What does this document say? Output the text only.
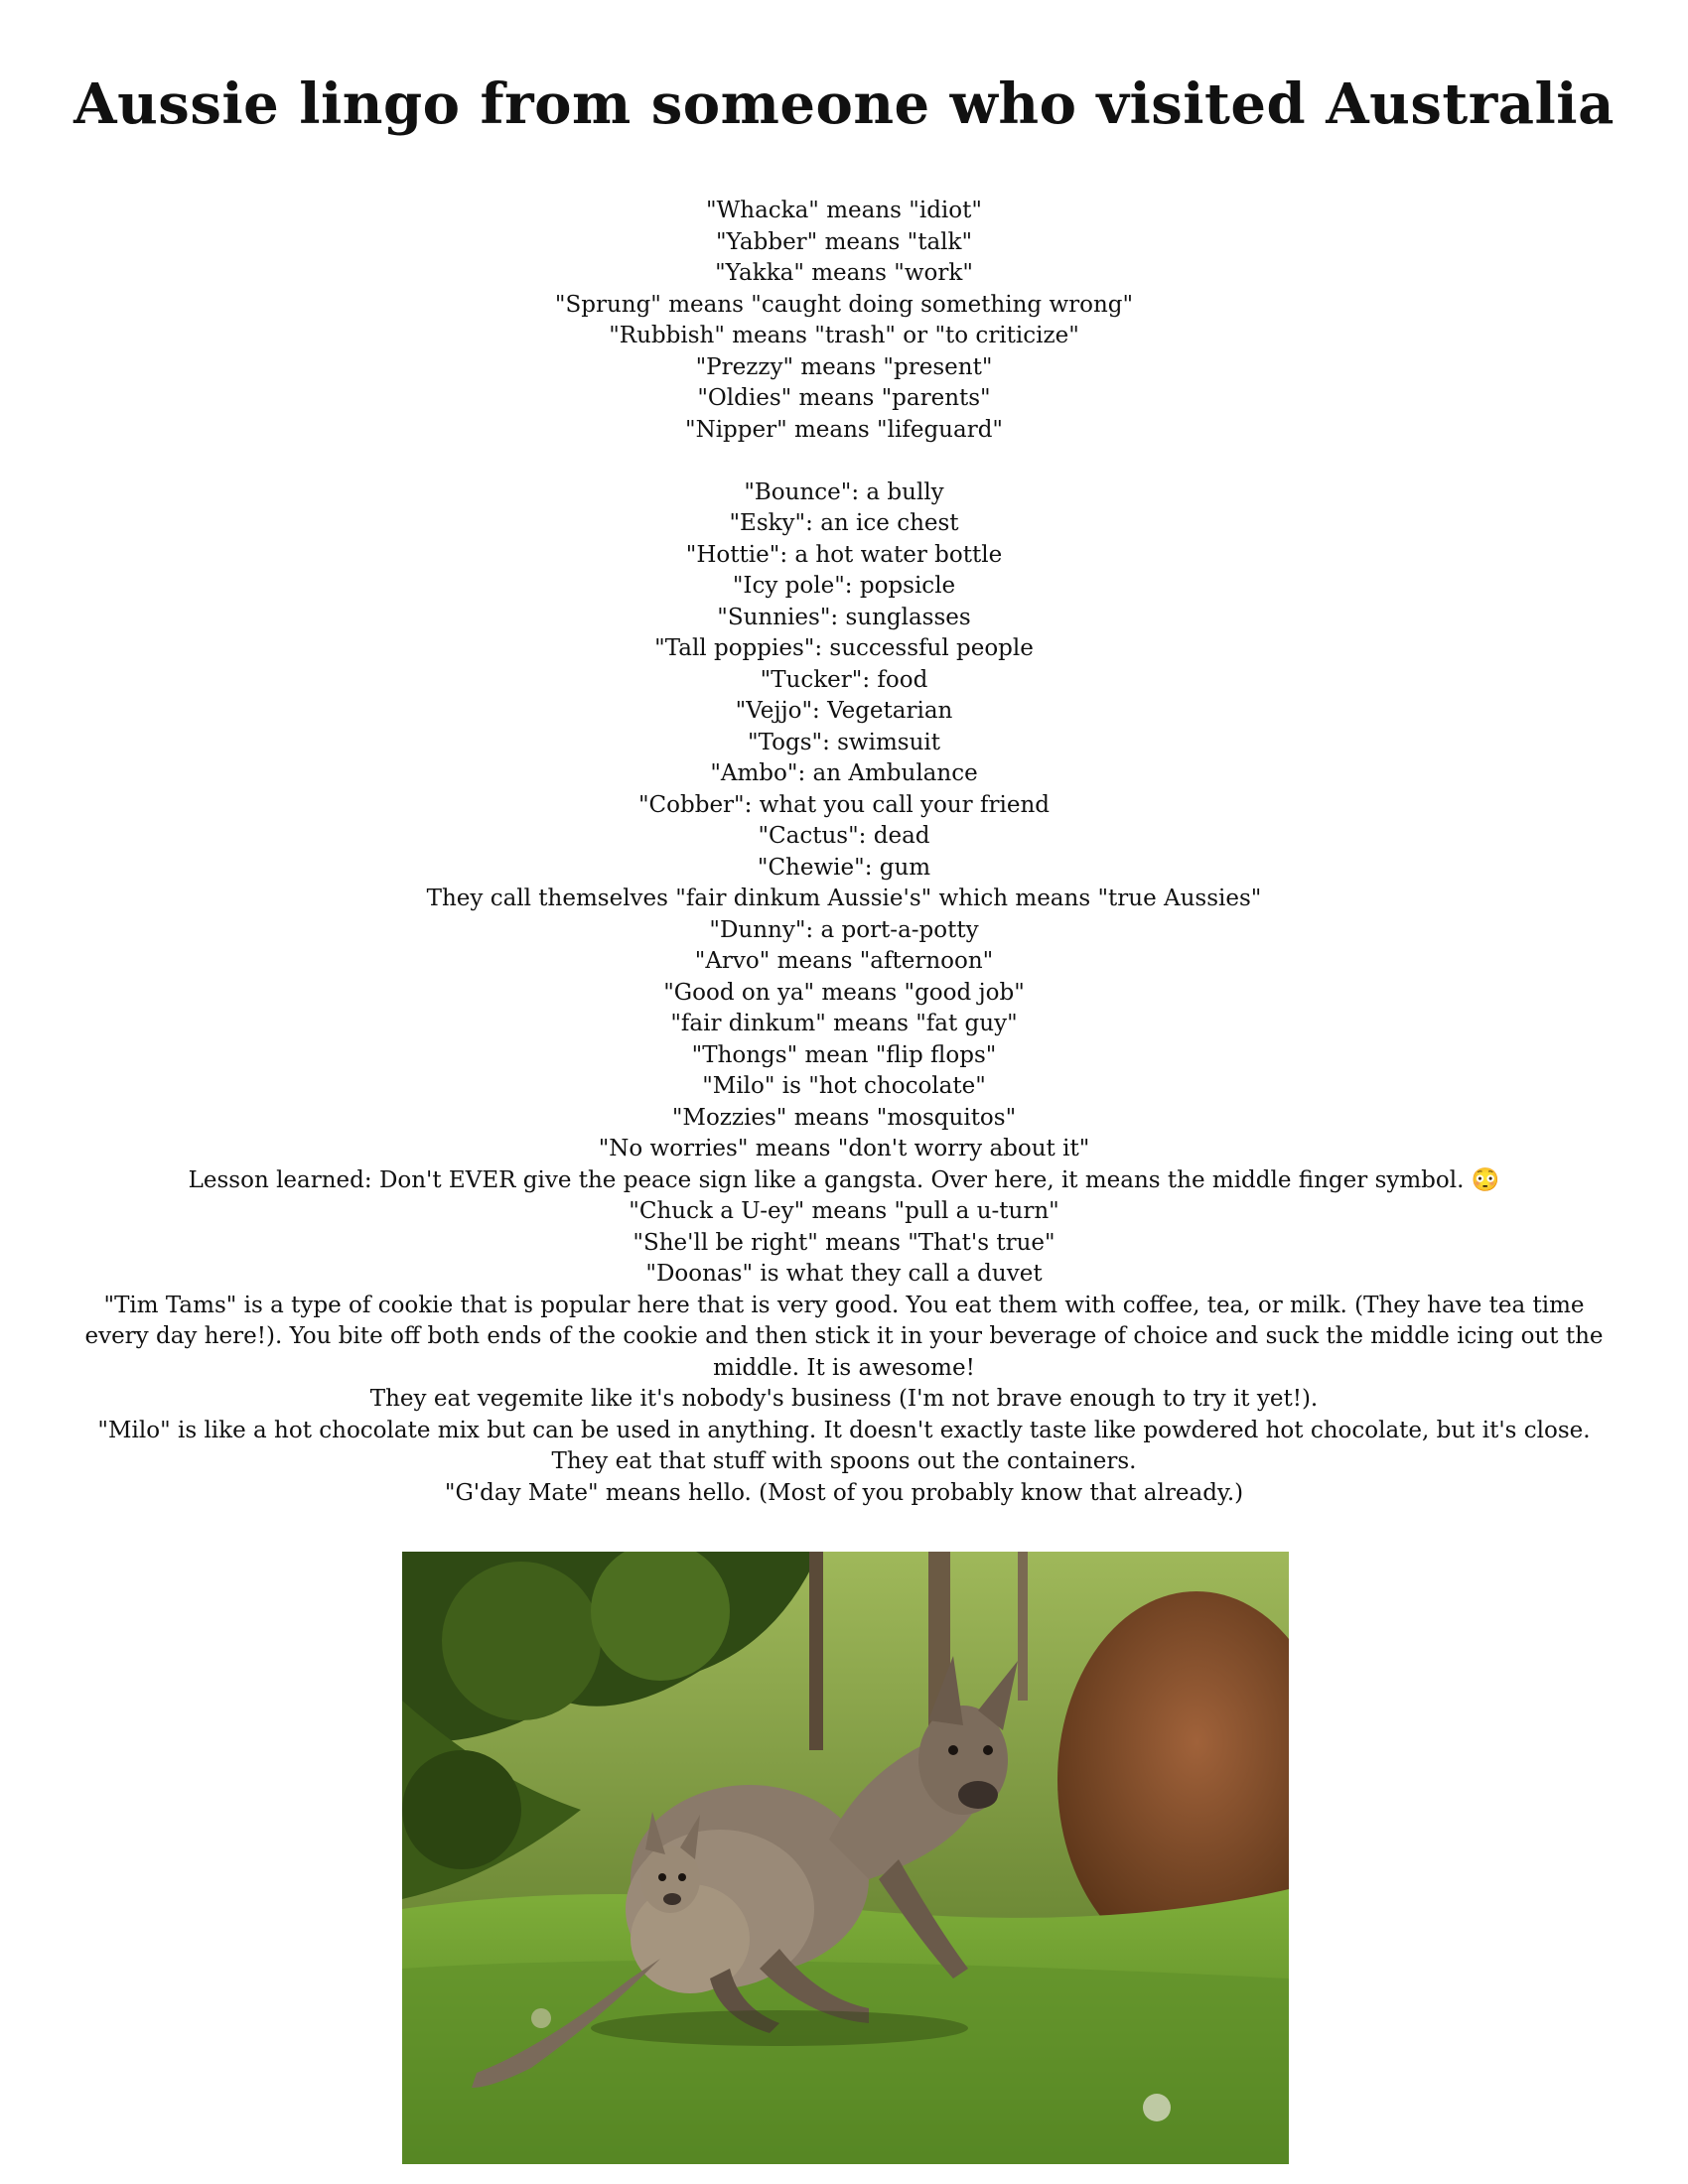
Aussie lingo from someone who visited Australia
"Whacka" means "idiot"
"Yabber" means "talk"
"Yakka" means "work"
"Sprung" means "caught doing something wrong"
"Rubbish" means "trash" or "to criticize"
"Prezzy" means "present"
"Oldies" means "parents"
"Nipper" means "lifeguard"
"Bounce": a bully
"Esky": an ice chest
"Hottie": a hot water bottle
"Icy pole": popsicle
"Sunnies": sunglasses
"Tall poppies": successful people
"Tucker": food
"Vejjo": Vegetarian
"Togs": swimsuit
"Ambo": an Ambulance
"Cobber": what you call your friend
"Cactus": dead
"Chewie": gum
They call themselves "fair dinkum Aussie's" which means "true Aussies"
"Dunny": a port-a-potty
"Arvo" means "afternoon"
"Good on ya" means "good job"
"fair dinkum" means "fat guy"
"Thongs" mean "flip flops"
"Milo" is "hot chocolate"
"Mozzies" means "mosquitos"
"No worries" means "don't worry about it"
Lesson learned: Don't EVER give the peace sign like a gangsta. Over here, it means the middle finger symbol. 😳
"Chuck a U-ey" means "pull a u-turn"
"She'll be right" means "That's true"
"Doonas" is what they call a duvet
"Tim Tams" is a type of cookie that is popular here that is very good. You eat them with coffee, tea, or milk. (They have tea time every day here!). You bite off both ends of the cookie and then stick it in your beverage of choice and suck the middle icing out the middle. It is awesome!
They eat vegemite like it's nobody's business (I'm not brave enough to try it yet!).
"Milo" is like a hot chocolate mix but can be used in anything. It doesn't exactly taste like powdered hot chocolate, but it's close. They eat that stuff with spoons out the containers.
"G'day Mate" means hello. (Most of you probably know that already.)
